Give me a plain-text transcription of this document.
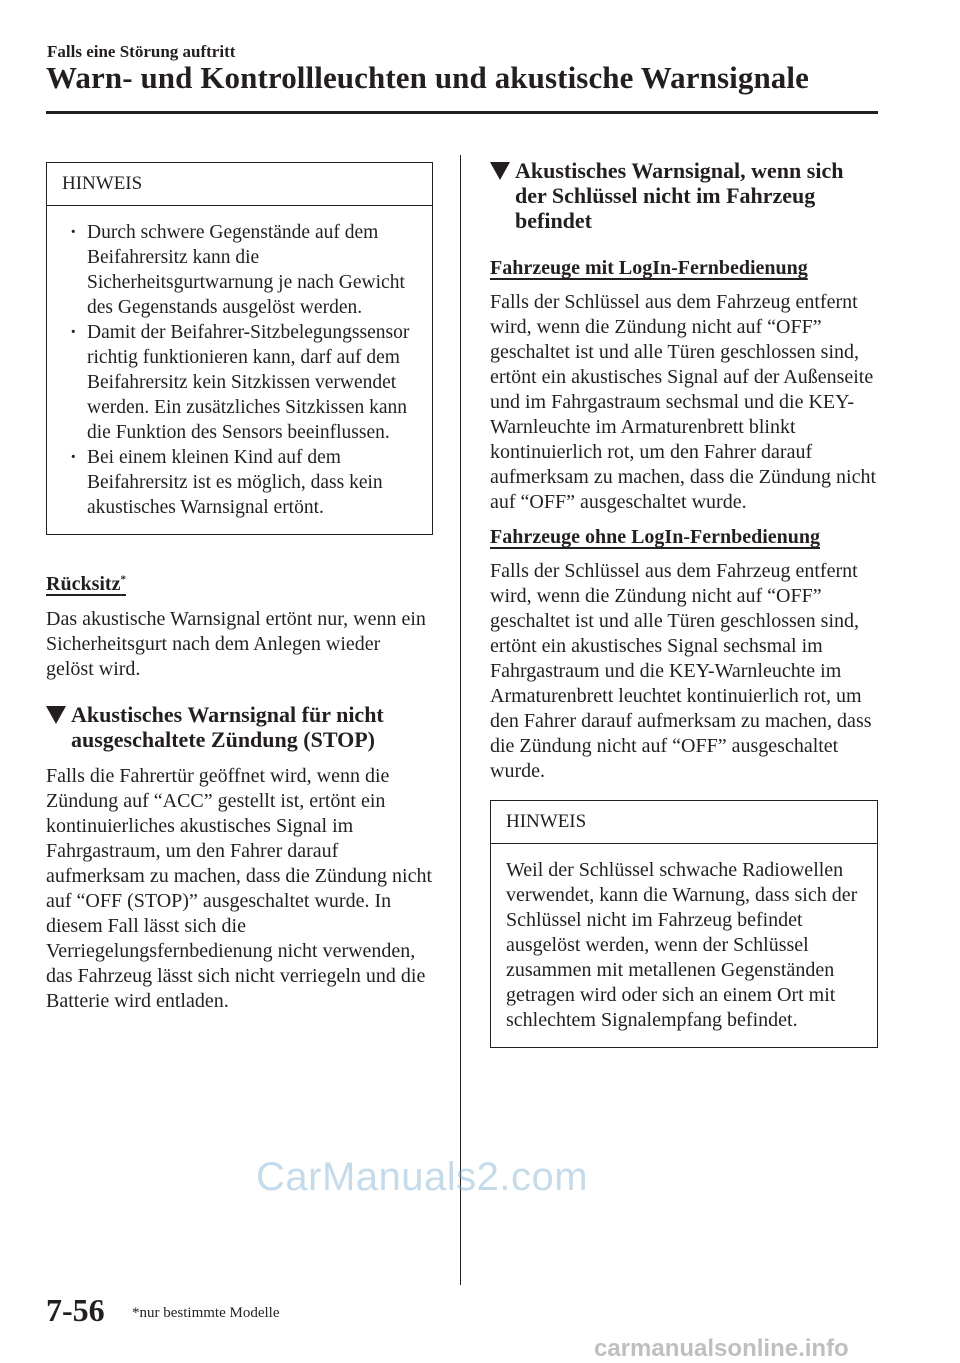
Falls eine Störung auftritt
Warn- und Kontrollleuchten und akustische Warnsignale
HINWEIS
· Durch schwere Gegenstände auf dem Beifahrersitz kann die Sicherheitsgurtwarnung je nach Gewicht des Gegenstands ausgelöst werden.
· Damit der Beifahrer-Sitzbelegungssensor richtig funktionieren kann, darf auf dem Beifahrersitz kein Sitzkissen verwendet werden. Ein zusätzliches Sitzkissen kann die Funktion des Sensors beeinflussen.
· Bei einem kleinen Kind auf dem Beifahrersitz ist es möglich, dass kein akustisches Warnsignal ertönt.
Rücksitz*

Das akustische Warnsignal ertönt nur, wenn ein Sicherheitsgurt nach dem Anlegen wieder gelöst wird.

Akustisches Warnsignal für nicht ausgeschaltete Zündung (STOP)

Falls die Fahrertür geöffnet wird, wenn die Zündung auf “ACC” gestellt ist, ertönt ein kontinuierliches akustisches Signal im Fahrgastraum, um den Fahrer darauf aufmerksam zu machen, dass die Zündung nicht auf “OFF (STOP)” ausgeschaltet wurde. In diesem Fall lässt sich die Verriegelungsfernbedienung nicht verwenden, das Fahrzeug lässt sich nicht verriegeln und die Batterie wird entladen.

Akustisches Warnsignal, wenn sich der Schlüssel nicht im Fahrzeug befindet
Fahrzeuge mit LogIn-Fernbedienung

Falls der Schlüssel aus dem Fahrzeug entfernt wird, wenn die Zündung nicht auf “OFF” geschaltet ist und alle Türen geschlossen sind, ertönt ein akustisches Signal auf der Außenseite und im Fahrgastraum sechsmal und die KEY-Warnleuchte im Armaturenbrett blinkt kontinuierlich rot, um den Fahrer darauf aufmerksam zu machen, dass die Zündung nicht auf “OFF” ausgeschaltet wurde.

Fahrzeuge ohne LogIn-Fernbedienung

Falls der Schlüssel aus dem Fahrzeug entfernt wird, wenn die Zündung nicht auf “OFF” geschaltet ist und alle Türen geschlossen sind, ertönt ein akustisches Signal sechsmal im Fahrgastraum und die KEY-Warnleuchte im Armaturenbrett leuchtet kontinuierlich rot, um den Fahrer darauf aufmerksam zu machen, dass die Zündung nicht auf “OFF” ausgeschaltet wurde.

HINWEIS

Weil der Schlüssel schwache Radiowellen verwendet, kann die Warnung, dass sich der Schlüssel nicht im Fahrzeug befindet ausgelöst werden, wenn der Schlüssel zusammen mit metallenen Gegenständen getragen wird oder sich an einem Ort mit schlechtem Signalempfang befindet.

CarManuals2.com
7-56 *nur bestimmte Modelle
carmanualsonline.info
